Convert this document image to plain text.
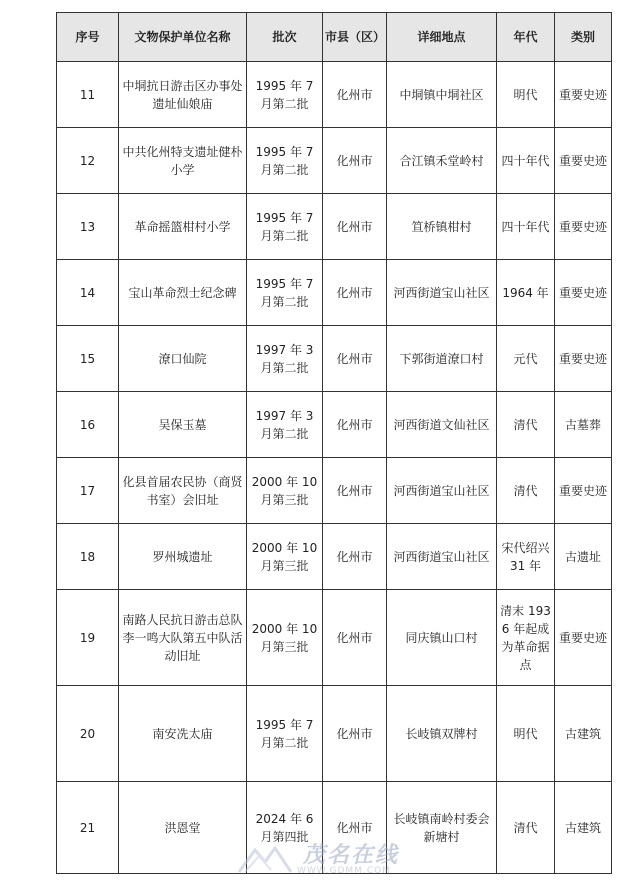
序号	文物保护单位名称	批次	市县（区）	详细地点	年代	类别
11	中垌抗日游击区办事处遗址仙娘庙	1995 年 7 月第二批	化州市	中垌镇中垌社区	明代	重要史迹
12	中共化州特支遗址健朴小学	1995 年 7 月第二批	化州市	合江镇禾堂岭村	四十年代	重要史迹
13	革命摇篮柑村小学	1995 年 7 月第二批	化州市	笪桥镇柑村	四十年代	重要史迹
14	宝山革命烈士纪念碑	1995 年 7 月第二批	化州市	河西街道宝山社区	1964 年	重要史迹
15	潦口仙院	1997 年 3 月第二批	化州市	下郭街道潦口村	元代	重要史迹
16	吴保玉墓	1997 年 3 月第二批	化州市	河西街道文仙社区	清代	古墓葬
17	化县首届农民协（商贤书室）会旧址	2000 年 10 月第三批	化州市	河西街道宝山社区	清代	重要史迹
18	罗州城遗址	2000 年 10 月第三批	化州市	河西街道宝山社区	宋代绍兴 31 年	古遗址
19	南路人民抗日游击总队李一鸣大队第五中队活动旧址	2000 年 10 月第三批	化州市	同庆镇山口村	清末 1936 年起成为革命据点	重要史迹
20	南安冼太庙	1995 年 7 月第二批	化州市	长岐镇双牌村	明代	古建筑
21	洪恩堂	2024 年 6 月第四批	化州市	长岐镇南岭村委会新塘村	清代	古建筑
茂名在线
WWW.GDMM.COM
